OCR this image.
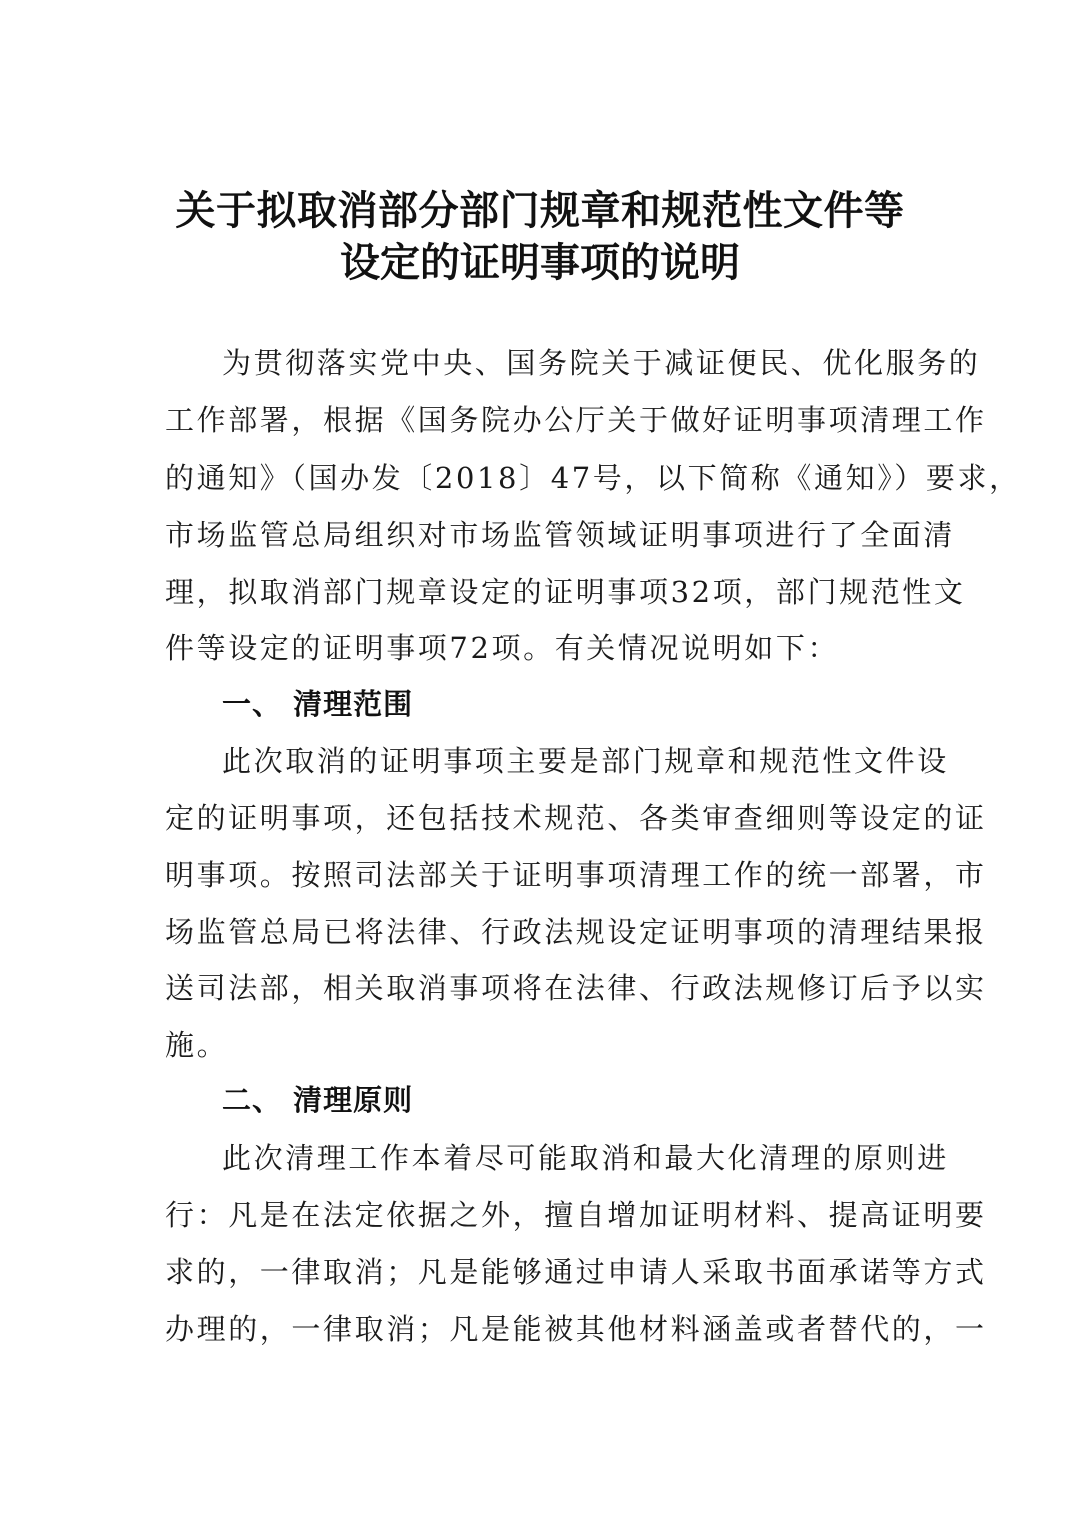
关于拟取消部分部门规章和规范性文件等
设定的证明事项的说明
为贯彻落实党中央、国务院关于减证便民、优化服务的
工作部署，根据《国务院办公厅关于做好证明事项清理工作
的通知》（国办发〔2018〕47号，以下简称《通知》）要求，
市场监管总局组织对市场监管领域证明事项进行了全面清
理，拟取消部门规章设定的证明事项32项，部门规范性文
件等设定的证明事项72项。有关情况说明如下：
一、 清理范围
此次取消的证明事项主要是部门规章和规范性文件设
定的证明事项，还包括技术规范、各类审查细则等设定的证
明事项。按照司法部关于证明事项清理工作的统一部署，市
场监管总局已将法律、行政法规设定证明事项的清理结果报
送司法部，相关取消事项将在法律、行政法规修订后予以实
施。
二、 清理原则
此次清理工作本着尽可能取消和最大化清理的原则进
行：凡是在法定依据之外，擅自增加证明材料、提高证明要
求的，一律取消；凡是能够通过申请人采取书面承诺等方式
办理的，一律取消；凡是能被其他材料涵盖或者替代的，一
